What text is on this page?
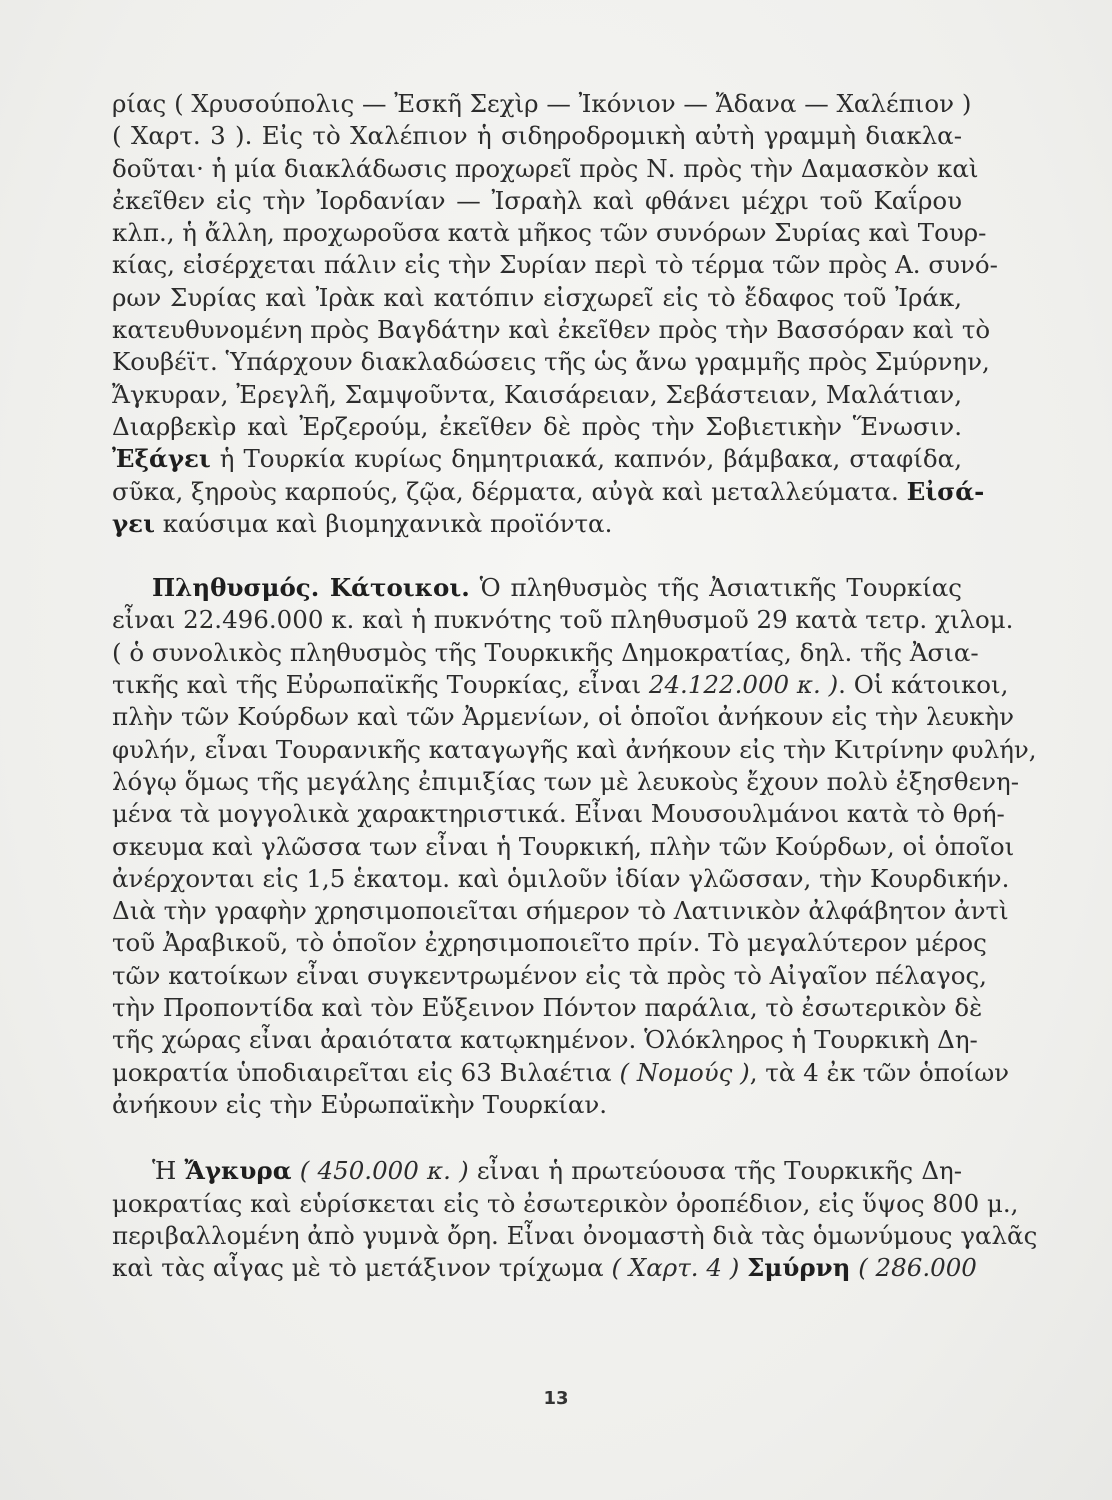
ρίας ( Χρυσούπολις — Ἐσκῆ Σεχὶρ — Ἰκόνιον — Ἄδανα — Χαλέπιον )
( Χαρτ. 3 ). Εἰς τὸ Χαλέπιον ἡ σιδηροδρομικὴ αὐτὴ γραμμὴ διακλα-
δοῦται· ἡ μία διακλάδωσις προχωρεῖ πρὸς Ν. πρὸς τὴν Δαμασκὸν καὶ
ἐκεῖθεν εἰς τὴν Ἰορδανίαν — Ἰσραὴλ καὶ φθάνει μέχρι τοῦ Καΐρου
κλπ., ἡ ἄλλη, προχωροῦσα κατὰ μῆκος τῶν συνόρων Συρίας καὶ Τουρ-
κίας, εἰσέρχεται πάλιν εἰς τὴν Συρίαν περὶ τὸ τέρμα τῶν πρὸς Α. συνό-
ρων Συρίας καὶ Ἰρὰκ καὶ κατόπιν εἰσχωρεῖ εἰς τὸ ἔδαφος τοῦ Ἰράκ,
κατευθυνομένη πρὸς Βαγδάτην καὶ ἐκεῖθεν πρὸς τὴν Βασσόραν καὶ τὸ
Κουβέϊτ. Ὑπάρχουν διακλαδώσεις τῆς ὡς ἄνω γραμμῆς πρὸς Σμύρνην,
Ἄγκυραν, Ἐρεγλῆ, Σαμψοῦντα, Καισάρειαν, Σεβάστειαν, Μαλάτιαν,
Διαρβεκὶρ καὶ Ἐρζερούμ, ἐκεῖθεν δὲ πρὸς τὴν Σοβιετικὴν Ἕνωσιν.
Ἐξάγει ἡ Τουρκία κυρίως δημητριακά, καπνόν, βάμβακα, σταφίδα,
σῦκα, ξηροὺς καρπούς, ζῷα, δέρματα, αὐγὰ καὶ μεταλλεύματα. Εἰσά-
γει καύσιμα καὶ βιομηχανικὰ προϊόντα.
Πληθυσμός. Κάτοικοι. Ὁ πληθυσμὸς τῆς Ἀσιατικῆς Τουρκίας
εἶναι 22.496.000 κ. καὶ ἡ πυκνότης τοῦ πληθυσμοῦ 29 κατὰ τετρ. χιλομ.
( ὁ συνολικὸς πληθυσμὸς τῆς Τουρκικῆς Δημοκρατίας, δηλ. τῆς Ἀσια-
τικῆς καὶ τῆς Εὐρωπαϊκῆς Τουρκίας, εἶναι 24.122.000 κ. ). Οἱ κάτοικοι,
πλὴν τῶν Κούρδων καὶ τῶν Ἀρμενίων, οἱ ὁποῖοι ἀνήκουν εἰς τὴν λευκὴν
φυλήν, εἶναι Τουρανικῆς καταγωγῆς καὶ ἀνήκουν εἰς τὴν Κιτρίνην φυλήν,
λόγῳ ὅμως τῆς μεγάλης ἐπιμιξίας των μὲ λευκοὺς ἔχουν πολὺ ἐξησθενη-
μένα τὰ μογγολικὰ χαρακτηριστικά. Εἶναι Μουσουλμάνοι κατὰ τὸ θρή-
σκευμα καὶ γλῶσσα των εἶναι ἡ Τουρκική, πλὴν τῶν Κούρδων, οἱ ὁποῖοι
ἀνέρχονται εἰς 1,5 ἑκατομ. καὶ ὁμιλοῦν ἰδίαν γλῶσσαν, τὴν Κουρδικήν.
Διὰ τὴν γραφὴν χρησιμοποιεῖται σήμερον τὸ Λατινικὸν ἀλφάβητον ἀντὶ
τοῦ Ἀραβικοῦ, τὸ ὁποῖον ἐχρησιμοποιεῖτο πρίν. Τὸ μεγαλύτερον μέρος
τῶν κατοίκων εἶναι συγκεντρωμένον εἰς τὰ πρὸς τὸ Αἰγαῖον πέλαγος,
τὴν Προποντίδα καὶ τὸν Εὔξεινον Πόντον παράλια, τὸ ἐσωτερικὸν δὲ
τῆς χώρας εἶναι ἀραιότατα κατῳκημένον. Ὁλόκληρος ἡ Τουρκικὴ Δη-
μοκρατία ὑποδιαιρεῖται εἰς 63 Βιλαέτια ( Νομούς ), τὰ 4 ἐκ τῶν ὁποίων
ἀνήκουν εἰς τὴν Εὐρωπαϊκὴν Τουρκίαν.
Ἡ Ἄγκυρα ( 450.000 κ. ) εἶναι ἡ πρωτεύουσα τῆς Τουρκικῆς Δη-
μοκρατίας καὶ εὑρίσκεται εἰς τὸ ἐσωτερικὸν ὀροπέδιον, εἰς ὕψος 800 μ.,
περιβαλλομένη ἀπὸ γυμνὰ ὄρη. Εἶναι ὀνομαστὴ διὰ τὰς ὁμωνύμους γαλᾶς
καὶ τὰς αἶγας μὲ τὸ μετάξινον τρίχωμα ( Χαρτ. 4 ) Σμύρνη ( 286.000
13
